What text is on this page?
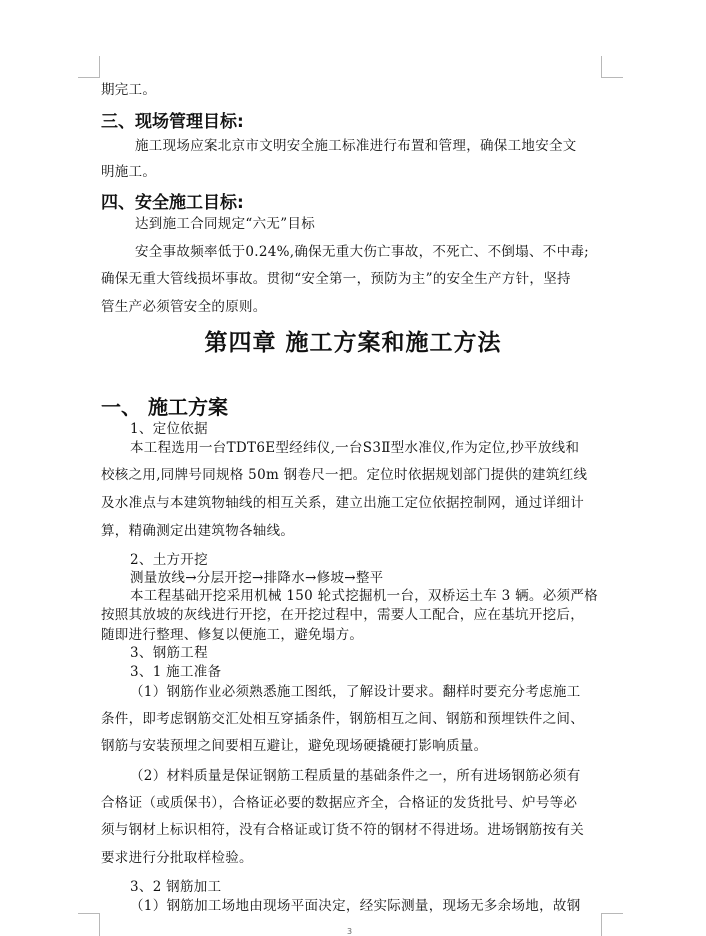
期完工。
三、现场管理目标:
施工现场应案北京市文明安全施工标准进行布置和管理，确保工地安全文
明施工。
四、安全施工目标:
达到施工合同规定“六无”目标
安全事故频率低于0.24%,确保无重大伤亡事故，不死亡、不倒塌、不中毒;
确保无重大管线损坏事故。贯彻“安全第一，预防为主”的安全生产方针，坚持
管生产必须管安全的原则。
第四章 施工方案和施工方法
一、 施工方案
1、定位依据
本工程选用一台TDT6E型经纬仪,一台S3Ⅱ型水准仪,作为定位,抄平放线和
校核之用,同牌号同规格 50m 钢卷尺一把。定位时依据规划部门提供的建筑红线
及水准点与本建筑物轴线的相互关系，建立出施工定位依据控制网，通过详细计
算，精确测定出建筑物各轴线。
2、土方开挖
测量放线→分层开挖→排降水→修坡→整平
本工程基础开挖采用机械 150 轮式挖掘机一台，双桥运土车 3 辆。必须严格
按照其放坡的灰线进行开挖，在开挖过程中，需要人工配合，应在基坑开挖后，
随即进行整理、修复以便施工，避免塌方。
3、钢筋工程
3、1 施工准备
（1）钢筋作业必须熟悉施工图纸，了解设计要求。翻样时要充分考虑施工
条件，即考虑钢筋交汇处相互穿插条件，钢筋相互之间、钢筋和预埋铁件之间、
钢筋与安装预埋之间要相互避让，避免现场硬撬硬打影响质量。
（2）材料质量是保证钢筋工程质量的基础条件之一，所有进场钢筋必须有
合格证（或质保书），合格证必要的数据应齐全，合格证的发货批号、炉号等必
须与钢材上标识相符，没有合格证或订货不符的钢材不得进场。进场钢筋按有关
要求进行分批取样检验。
3、2 钢筋加工
（1）钢筋加工场地由现场平面决定，经实际测量，现场无多余场地，故钢
3
